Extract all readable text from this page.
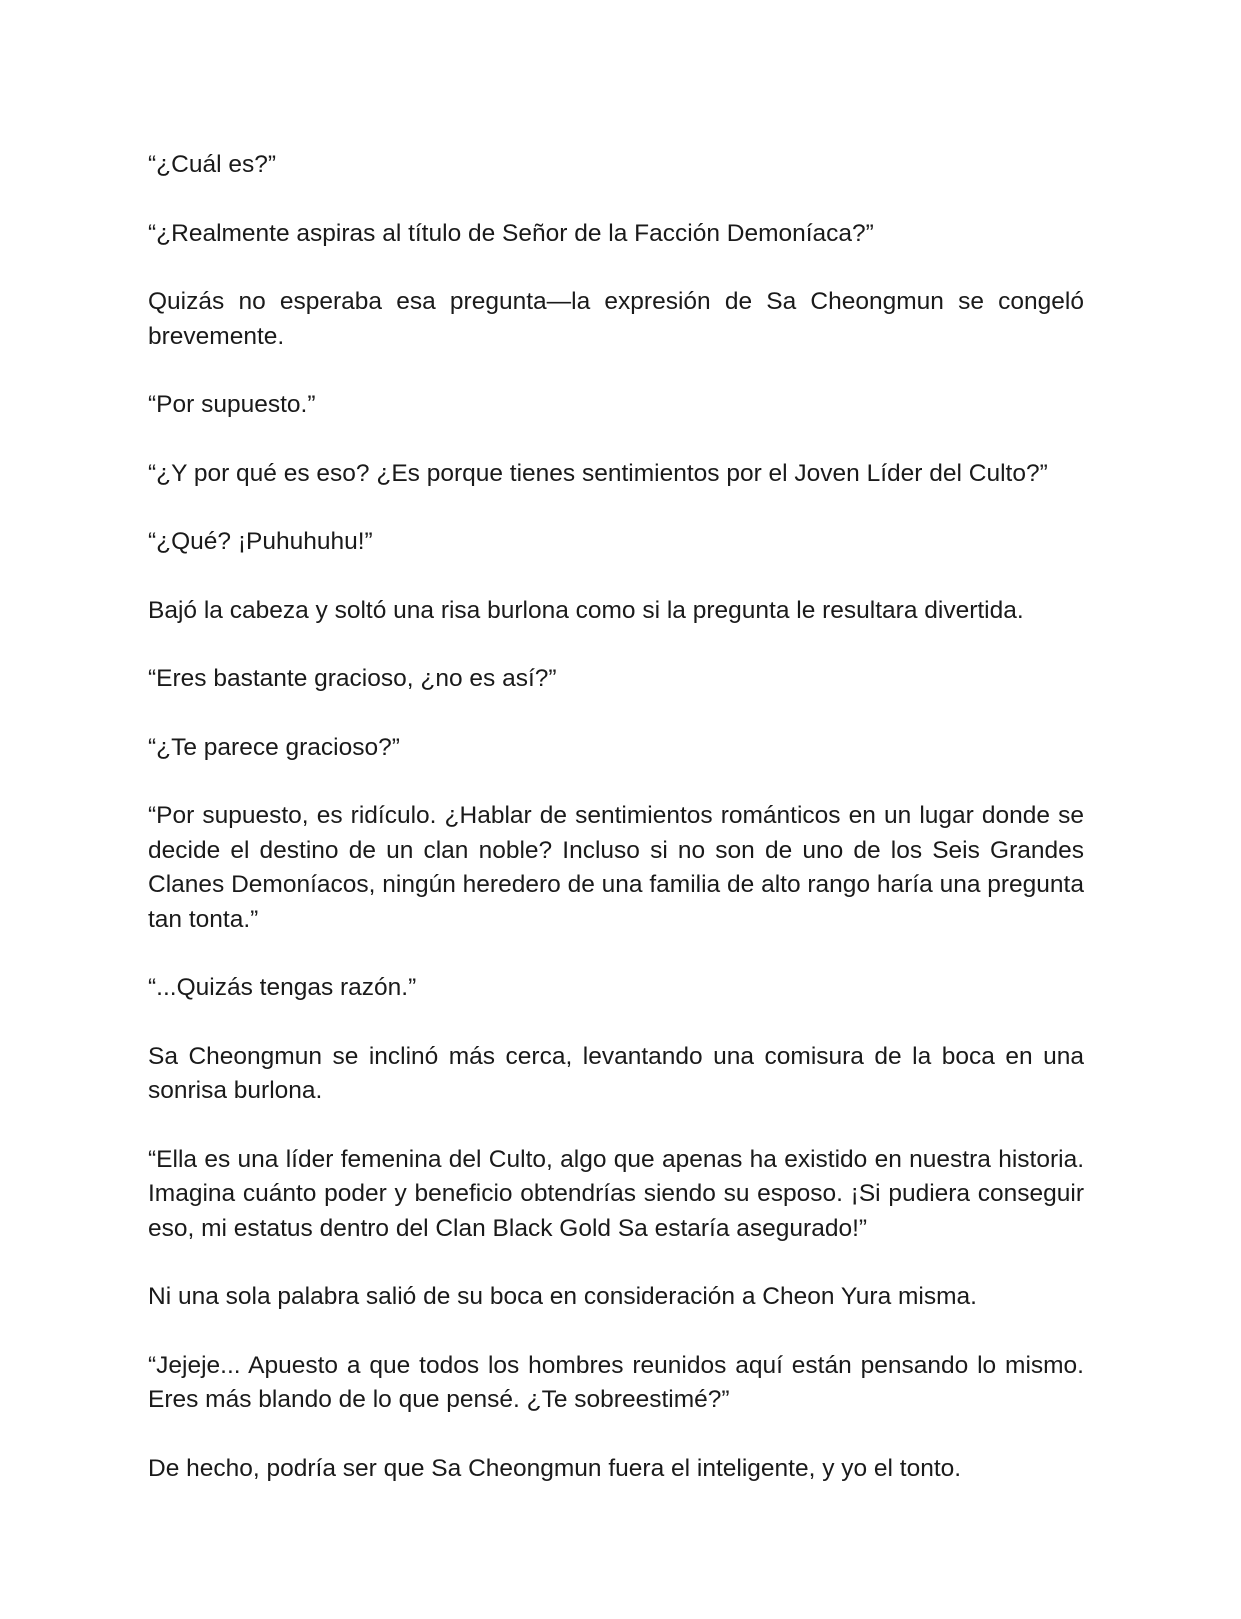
“¿Cuál es?”

“¿Realmente aspiras al título de Señor de la Facción Demoníaca?”

Quizás no esperaba esa pregunta—la expresión de Sa Cheongmun se congeló brevemente.

“Por supuesto.”

“¿Y por qué es eso? ¿Es porque tienes sentimientos por el Joven Líder del Culto?”

“¿Qué? ¡Puhuhuhu!”

Bajó la cabeza y soltó una risa burlona como si la pregunta le resultara divertida.

“Eres bastante gracioso, ¿no es así?”

“¿Te parece gracioso?”

“Por supuesto, es ridículo. ¿Hablar de sentimientos románticos en un lugar donde se decide el destino de un clan noble? Incluso si no son de uno de los Seis Grandes Clanes Demoníacos, ningún heredero de una familia de alto rango haría una pregunta tan tonta.”

“...Quizás tengas razón.”

Sa Cheongmun se inclinó más cerca, levantando una comisura de la boca en una sonrisa burlona.

“Ella es una líder femenina del Culto, algo que apenas ha existido en nuestra historia. Imagina cuánto poder y beneficio obtendrías siendo su esposo. ¡Si pudiera conseguir eso, mi estatus dentro del Clan Black Gold Sa estaría asegurado!”

Ni una sola palabra salió de su boca en consideración a Cheon Yura misma.

“Jejeje... Apuesto a que todos los hombres reunidos aquí están pensando lo mismo. Eres más blando de lo que pensé. ¿Te sobreestimé?”

De hecho, podría ser que Sa Cheongmun fuera el inteligente, y yo el tonto.
